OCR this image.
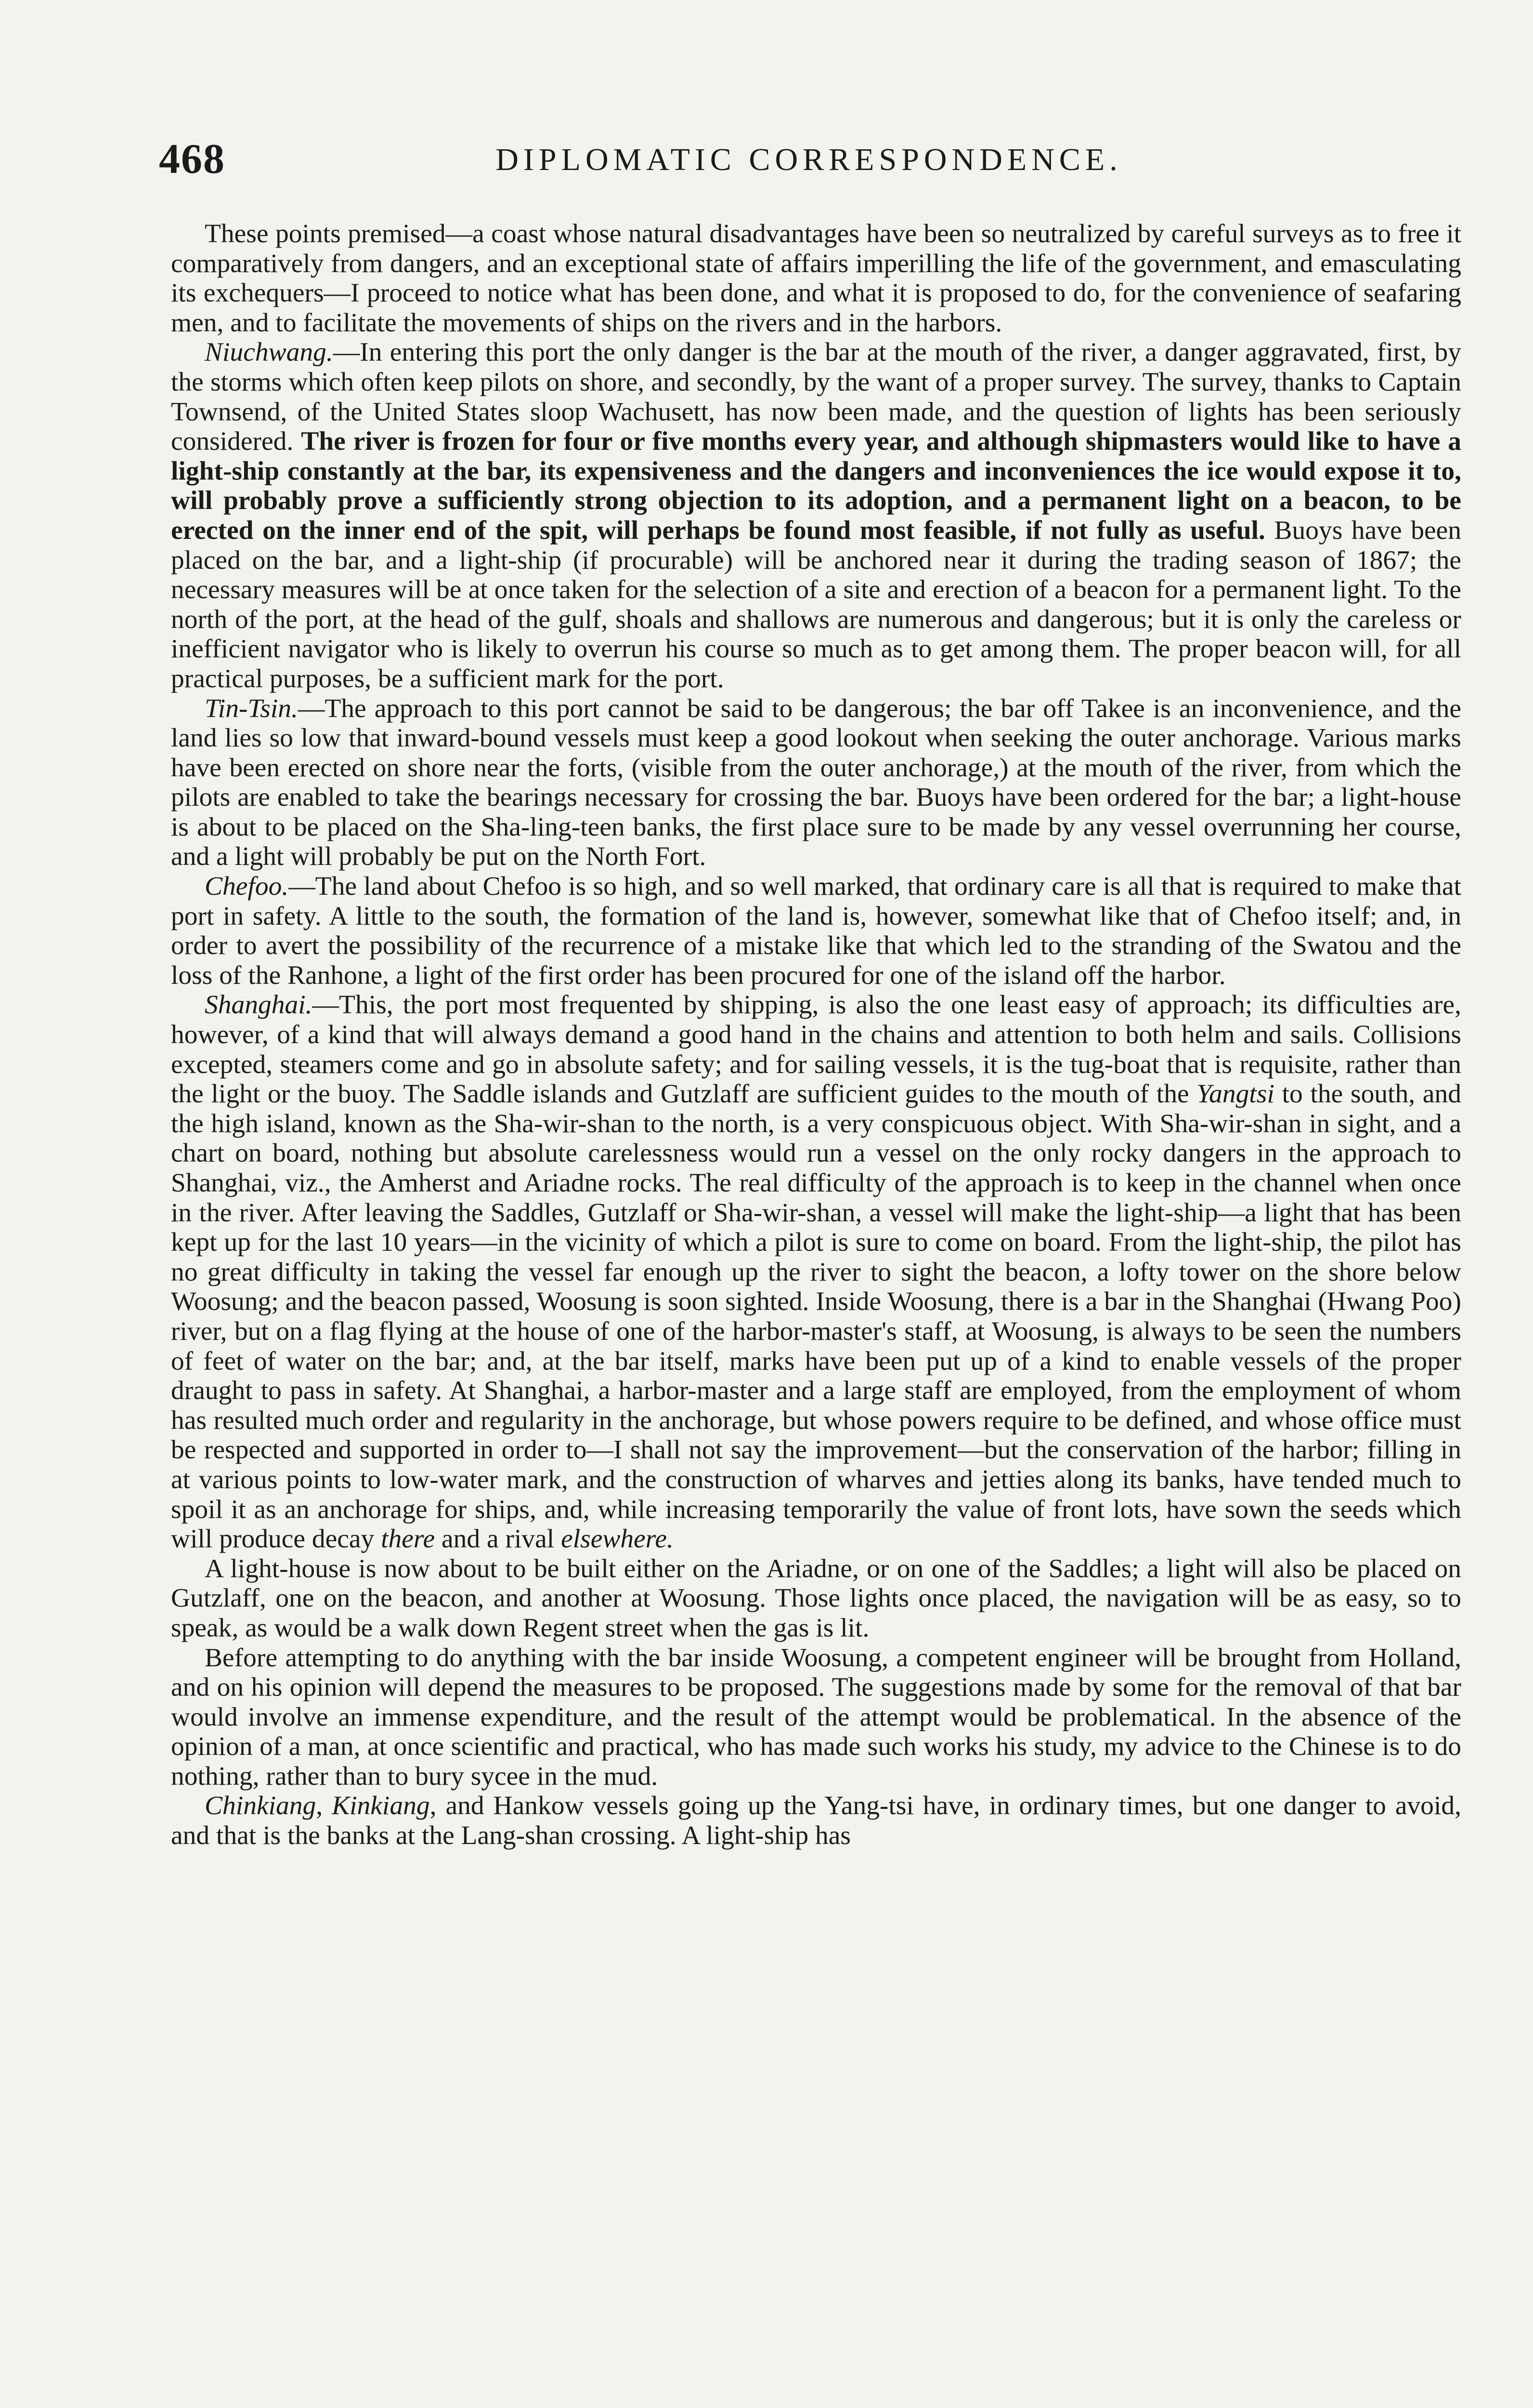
468	DIPLOMATIC CORRESPONDENCE.

These points premised—a coast whose natural disadvantages have been so neutralized by careful surveys as to free it comparatively from dangers, and an exceptional state of affairs imperilling the life of the government, and emasculating its exchequers—I proceed to notice what has been done, and what it is proposed to do, for the convenience of seafaring men, and to facilitate the movements of ships on the rivers and in the harbors.

Niuchwang.—In entering this port the only danger is the bar at the mouth of the river, a danger aggravated, first, by the storms which often keep pilots on shore, and secondly, by the want of a proper survey. The survey, thanks to Captain Townsend, of the United States sloop Wachusett, has now been made, and the question of lights has been seriously considered. The river is frozen for four or five months every year, and although shipmasters would like to have a light-ship constantly at the bar, its expensiveness and the dangers and inconveniences the ice would expose it to, will probably prove a sufficiently strong objection to its adoption, and a permanent light on a beacon, to be erected on the inner end of the spit, will perhaps be found most feasible, if not fully as useful. Buoys have been placed on the bar, and a light-ship (if procurable) will be anchored near it during the trading season of 1867; the necessary measures will be at once taken for the selection of a site and erection of a beacon for a permanent light. To the north of the port, at the head of the gulf, shoals and shallows are numerous and dangerous; but it is only the careless or inefficient navigator who is likely to overrun his course so much as to get among them. The proper beacon will, for all practical purposes, be a sufficient mark for the port.

Tin-Tsin.—The approach to this port cannot be said to be dangerous; the bar off Takee is an inconvenience, and the land lies so low that inward-bound vessels must keep a good lookout when seeking the outer anchorage. Various marks have been erected on shore near the forts, (visible from the outer anchorage,) at the mouth of the river, from which the pilots are enabled to take the bearings necessary for crossing the bar. Buoys have been ordered for the bar; a light-house is about to be placed on the Sha-ling-teen banks, the first place sure to be made by any vessel overrunning her course, and a light will probably be put on the North Fort.

Chefoo.—The land about Chefoo is so high, and so well marked, that ordinary care is all that is required to make that port in safety. A little to the south, the formation of the land is, however, somewhat like that of Chefoo itself; and, in order to avert the possibility of the recurrence of a mistake like that which led to the stranding of the Swatou and the loss of the Ranhone, a light of the first order has been procured for one of the island off the harbor.

Shanghai.—This, the port most frequented by shipping, is also the one least easy of approach; its difficulties are, however, of a kind that will always demand a good hand in the chains and attention to both helm and sails. Collisions excepted, steamers come and go in absolute safety; and for sailing vessels, it is the tug-boat that is requisite, rather than the light or the buoy. The Saddle islands and Gutzlaff are sufficient guides to the mouth of the Yangtsi to the south, and the high island, known as the Sha-wir-shan to the north, is a very conspicuous object. With Sha-wir-shan in sight, and a chart on board, nothing but absolute carelessness would run a vessel on the only rocky dangers in the approach to Shanghai, viz., the Amherst and Ariadne rocks. The real difficulty of the approach is to keep in the channel when once in the river. After leaving the Saddles, Gutzlaff or Sha-wir-shan, a vessel will make the light-ship—a light that has been kept up for the last 10 years—in the vicinity of which a pilot is sure to come on board. From the light-ship, the pilot has no great difficulty in taking the vessel far enough up the river to sight the beacon, a lofty tower on the shore below Woosung; and the beacon passed, Woosung is soon sighted. Inside Woosung, there is a bar in the Shanghai (Hwang Poo) river, but on a flag flying at the house of one of the harbor-master's staff, at Woosung, is always to be seen the numbers of feet of water on the bar; and, at the bar itself, marks have been put up of a kind to enable vessels of the proper draught to pass in safety. At Shanghai, a harbor-master and a large staff are employed, from the employment of whom has resulted much order and regularity in the anchorage, but whose powers require to be defined, and whose office must be respected and supported in order to—I shall not say the improvement—but the conservation of the harbor; filling in at various points to low-water mark, and the construction of wharves and jetties along its banks, have tended much to spoil it as an anchorage for ships, and, while increasing temporarily the value of front lots, have sown the seeds which will produce decay there and a rival elsewhere.

A light-house is now about to be built either on the Ariadne, or on one of the Saddles; a light will also be placed on Gutzlaff, one on the beacon, and another at Woosung. Those lights once placed, the navigation will be as easy, so to speak, as would be a walk down Regent street when the gas is lit.

Before attempting to do anything with the bar inside Woosung, a competent engineer will be brought from Holland, and on his opinion will depend the measures to be proposed. The suggestions made by some for the removal of that bar would involve an immense expenditure, and the result of the attempt would be problematical. In the absence of the opinion of a man, at once scientific and practical, who has made such works his study, my advice to the Chinese is to do nothing, rather than to bury sycee in the mud.

Chinkiang, Kinkiang, and Hankow vessels going up the Yang-tsi have, in ordinary times, but one danger to avoid, and that is the banks at the Lang-shan crossing. A light-ship has
